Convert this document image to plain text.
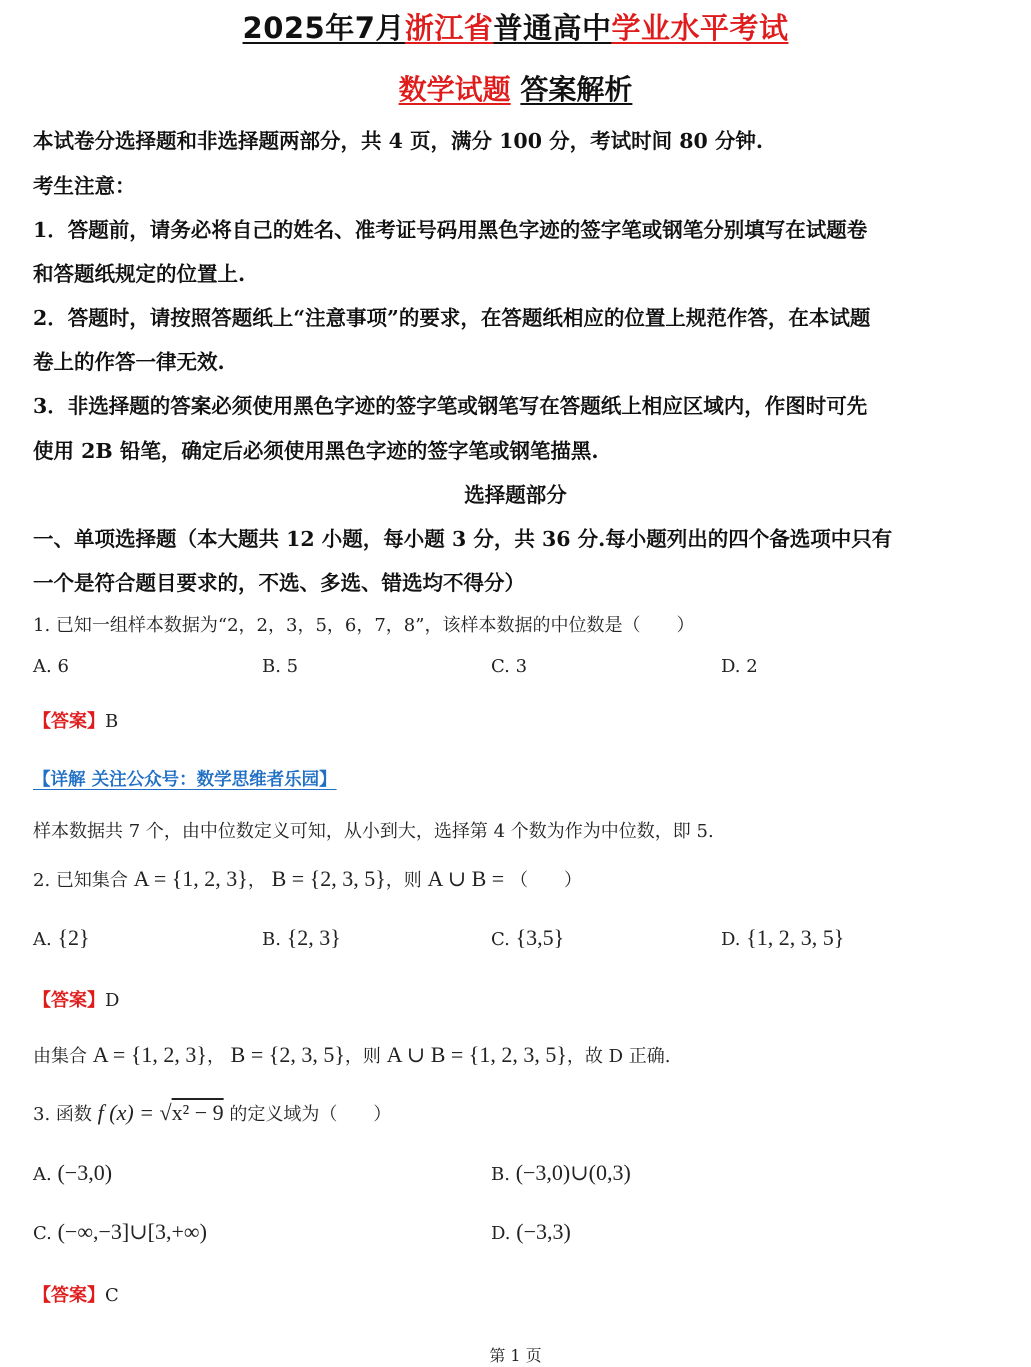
2025年7月浙江省普通高中学业水平考试
数学试题 答案解析
本试卷分选择题和非选择题两部分，共 4 页，满分 100 分，考试时间 80 分钟.
考生注意：
1．答题前，请务必将自己的姓名、准考证号码用黑色字迹的签字笔或钢笔分别填写在试题卷
和答题纸规定的位置上.
2．答题时，请按照答题纸上“注意事项”的要求，在答题纸相应的位置上规范作答，在本试题
卷上的作答一律无效.
3．非选择题的答案必须使用黑色字迹的签字笔或钢笔写在答题纸上相应区域内，作图时可先
使用 2B 铅笔，确定后必须使用黑色字迹的签字笔或钢笔描黑.
选择题部分
一、单项选择题（本大题共 12 小题，每小题 3 分，共 36 分.每小题列出的四个备选项中只有
一个是符合题目要求的，不选、多选、错选均不得分）
1. 已知一组样本数据为“2，2，3，5，6，7，8”，该样本数据的中位数是（　　）
A. 6	B. 5	C. 3	D. 2
【答案】B
【详解 关注公众号：数学思维者乐园】
样本数据共 7 个，由中位数定义可知，从小到大，选择第 4 个数为作为中位数，即 5.
2. 已知集合 A = {1, 2, 3}， B = {2, 3, 5}，则 A ∪ B = （　　）
A. {2}	B. {2, 3}	C. {3,5}	D. {1, 2, 3, 5}
【答案】D
由集合 A = {1, 2, 3}， B = {2, 3, 5}，则 A ∪ B = {1, 2, 3, 5}，故 D 正确.
3. 函数 f (x) = √x² − 9 的定义域为（　　）
A. (−3,0)	B. (−3,0)∪(0,3)
C. (−∞,−3]∪[3,+∞)	D. (−3,3)
【答案】C
第 1 页
